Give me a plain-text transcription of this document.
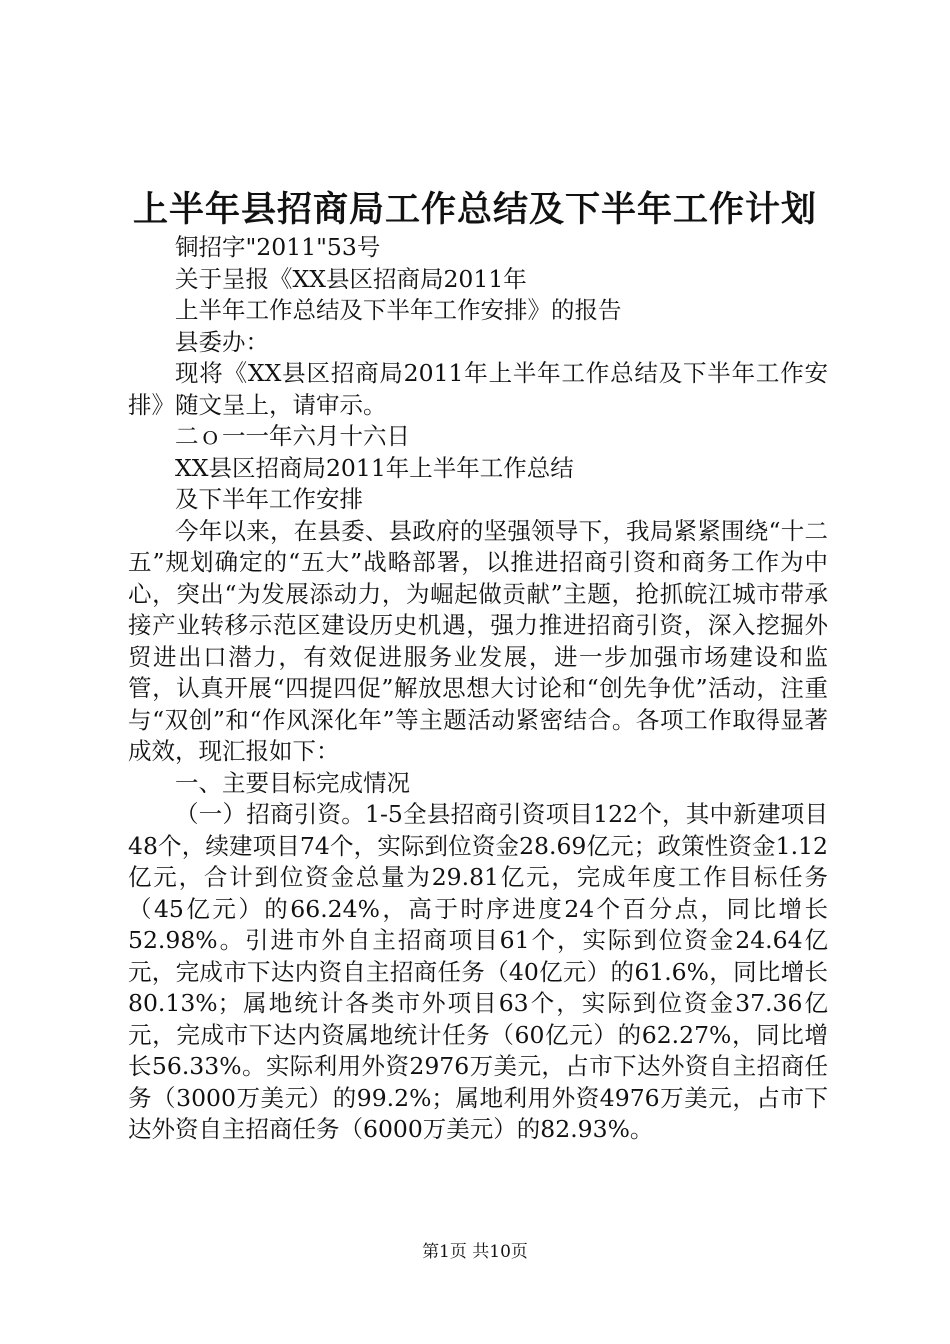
上半年县招商局工作总结及下半年工作计划

铜招字"2011"53号

关于呈报《XX县区招商局2011年

上半年工作总结及下半年工作安排》的报告

县委办：

现将《XX县区招商局2011年上半年工作总结及下半年工作安排》随文呈上，请审示。

二ｏ一一年六月十六日

XX县区招商局2011年上半年工作总结

及下半年工作安排

今年以来，在县委、县政府的坚强领导下，我局紧紧围绕“十二五”规划确定的“五大”战略部署，以推进招商引资和商务工作为中心，突出“为发展添动力，为崛起做贡献”主题，抢抓皖江城市带承接产业转移示范区建设历史机遇，强力推进招商引资，深入挖掘外贸进出口潜力，有效促进服务业发展，进一步加强市场建设和监管，认真开展“四提四促”解放思想大讨论和“创先争优”活动，注重与“双创”和“作风深化年”等主题活动紧密结合。各项工作取得显著成效，现汇报如下：

一、主要目标完成情况

（一）招商引资。1-5全县招商引资项目122个，其中新建项目48个，续建项目74个，实际到位资金28.69亿元；政策性资金1.12亿元，合计到位资金总量为29.81亿元，完成年度工作目标任务（45亿元）的66.24%，高于时序进度24个百分点，同比增长52.98%。引进市外自主招商项目61个，实际到位资金24.64亿元，完成市下达内资自主招商任务（40亿元）的61.6%，同比增长80.13%；属地统计各类市外项目63个，实际到位资金37.36亿元，完成市下达内资属地统计任务（60亿元）的62.27%，同比增长56.33%。实际利用外资2976万美元，占市下达外资自主招商任务（3000万美元）的99.2%；属地利用外资4976万美元，占市下达外资自主招商任务（6000万美元）的82.93%。

第1页 共10页
